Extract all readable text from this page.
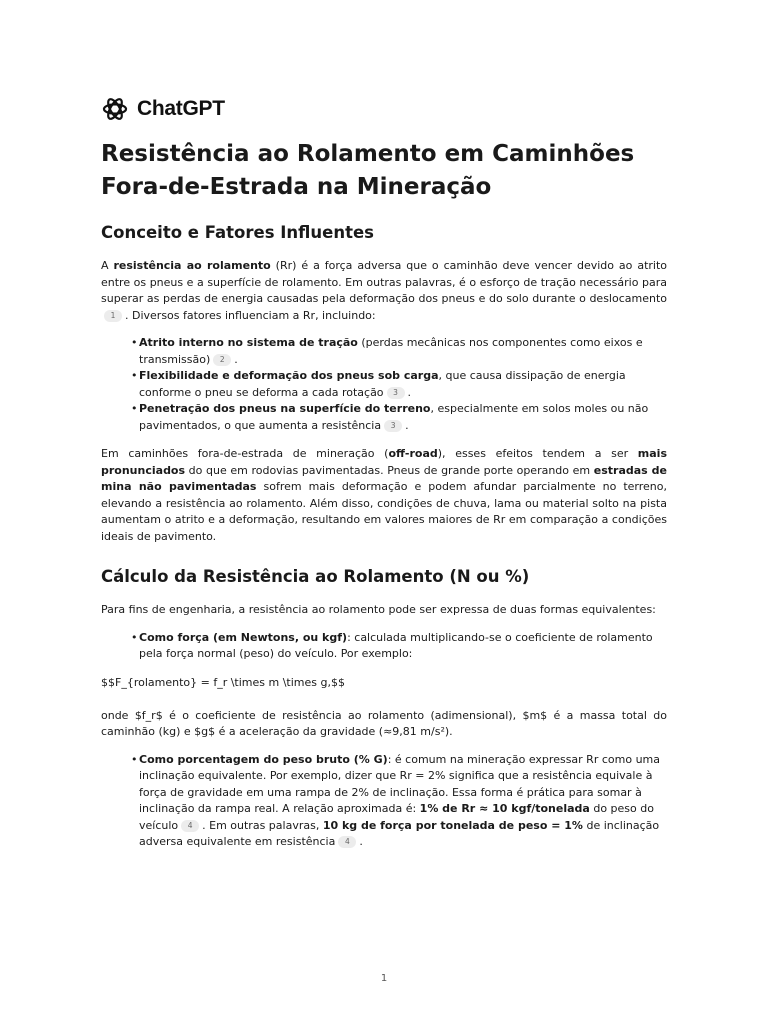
ChatGPT
Resistência ao Rolamento em Caminhões Fora-de-Estrada na Mineração
Conceito e Fatores Influentes

A resistência ao rolamento (Rr) é a força adversa que o caminhão deve vencer devido ao atrito entre os pneus e a superfície de rolamento. Em outras palavras, é o esforço de tração necessário para superar as perdas de energia causadas pela deformação dos pneus e do solo durante o deslocamento1 . Diversos fatores influenciam a Rr, incluindo:

• Atrito interno no sistema de tração (perdas mecânicas nos componentes como eixos e transmissão) 2 .
• Flexibilidade e deformação dos pneus sob carga, que causa dissipação de energia conforme o pneu se deforma a cada rotação 3 .
• Penetração dos pneus na superfície do terreno, especialmente em solos moles ou não pavimentados, o que aumenta a resistência 3 .

Em caminhões fora-de-estrada de mineração (off-road), esses efeitos tendem a ser mais pronunciados do que em rodovias pavimentadas. Pneus de grande porte operando em estradas de mina não pavimentadas sofrem mais deformação e podem afundar parcialmente no terreno, elevando a resistência ao rolamento. Além disso, condições de chuva, lama ou material solto na pista aumentam o atrito e a deformação, resultando em valores maiores de Rr em comparação a condições ideais de pavimento.

Cálculo da Resistência ao Rolamento (N ou %)

Para fins de engenharia, a resistência ao rolamento pode ser expressa de duas formas equivalentes:

• Como força (em Newtons, ou kgf): calculada multiplicando-se o coeficiente de rolamento pela força normal (peso) do veículo. Por exemplo:
$$F_{rolamento} = f_r \times m \times g,$$

onde $f_r$ é o coeficiente de resistência ao rolamento (adimensional), $m$ é a massa total do caminhão (kg) e $g$ é a aceleração da gravidade (≈9,81 m/s²).

• Como porcentagem do peso bruto (% G): é comum na mineração expressar Rr como uma inclinação equivalente. Por exemplo, dizer que Rr = 2% significa que a resistência equivale à força de gravidade em uma rampa de 2% de inclinação. Essa forma é prática para somar à inclinação da rampa real. A relação aproximada é: 1% de Rr ≈ 10 kgf/tonelada do peso do veículo 4 . Em outras palavras, 10 kg de força por tonelada de peso = 1% de inclinação adversa equivalente em resistência 4 .
1
